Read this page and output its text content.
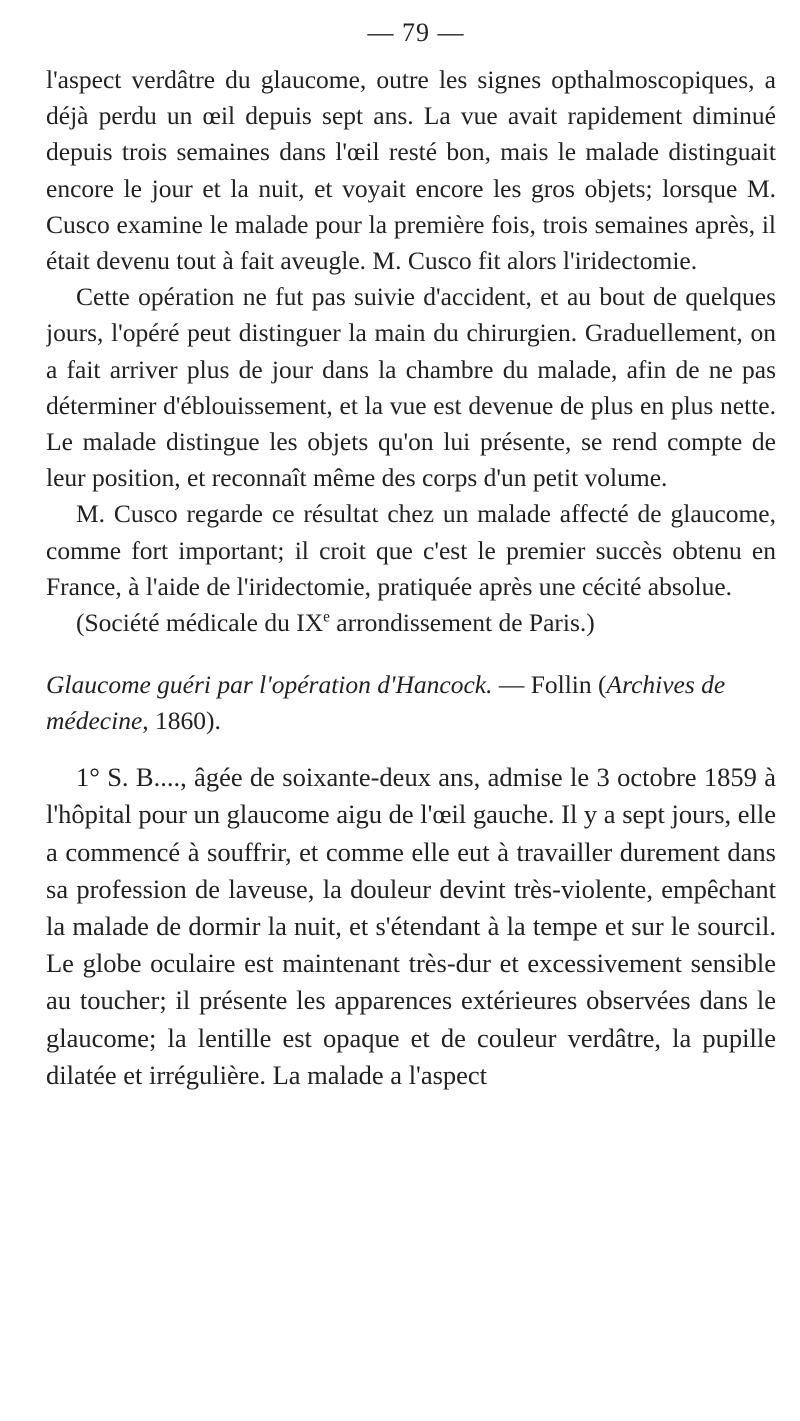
— 79 —

l'aspect verdâtre du glaucome, outre les signes opthalmoscopiques, a déjà perdu un œil depuis sept ans. La vue avait rapidement diminué depuis trois semaines dans l'œil resté bon, mais le malade distinguait encore le jour et la nuit, et voyait encore les gros objets; lorsque M. Cusco examine le malade pour la première fois, trois semaines après, il était devenu tout à fait aveugle. M. Cusco fit alors l'iridectomie.

Cette opération ne fut pas suivie d'accident, et au bout de quelques jours, l'opéré peut distinguer la main du chirurgien. Graduellement, on a fait arriver plus de jour dans la chambre du malade, afin de ne pas déterminer d'éblouissement, et la vue est devenue de plus en plus nette. Le malade distingue les objets qu'on lui présente, se rend compte de leur position, et reconnaît même des corps d'un petit volume.

M. Cusco regarde ce résultat chez un malade affecté de glaucome, comme fort important; il croit que c'est le premier succès obtenu en France, à l'aide de l'iridectomie, pratiquée après une cécité absolue.

(Société médicale du IXe arrondissement de Paris.)

Glaucome guéri par l'opération d'Hancock. — Follin (Archives de médecine, 1860).

1° S. B...., âgée de soixante-deux ans, admise le 3 octobre 1859 à l'hôpital pour un glaucome aigu de l'œil gauche. Il y a sept jours, elle a commencé à souffrir, et comme elle eut à travailler durement dans sa profession de laveuse, la douleur devint très-violente, empêchant la malade de dormir la nuit, et s'étendant à la tempe et sur le sourcil. Le globe oculaire est maintenant très-dur et excessivement sensible au toucher; il présente les apparences extérieures observées dans le glaucome; la lentille est opaque et de couleur verdâtre, la pupille dilatée et irrégulière. La malade a l'aspect
